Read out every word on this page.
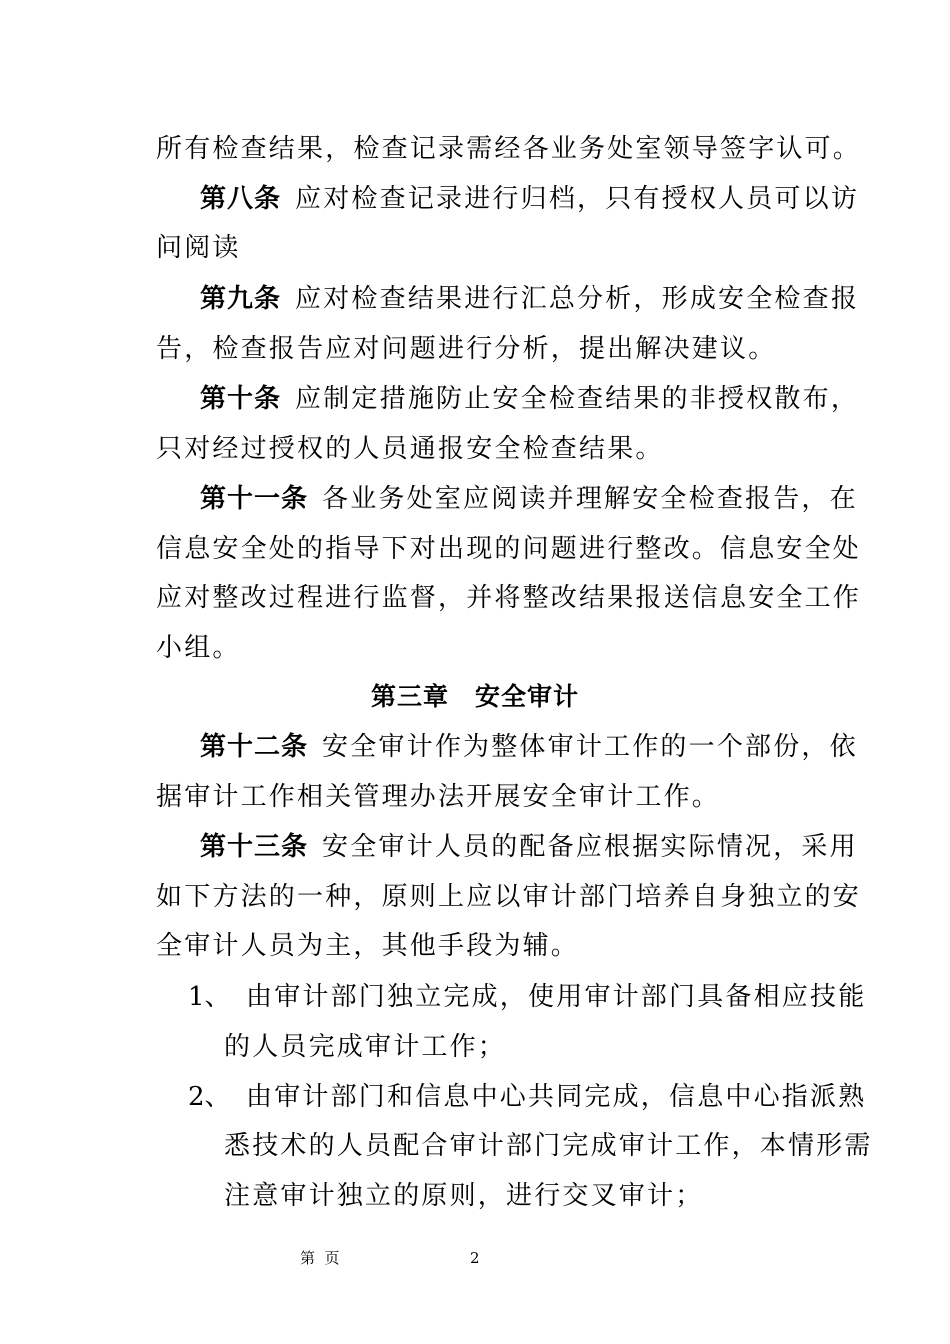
所有检查结果，检查记录需经各业务处室领导签字认可。
第八条 应对检查记录进行归档，只有授权人员可以访
问阅读
第九条 应对检查结果进行汇总分析，形成安全检查报
告，检查报告应对问题进行分析，提出解决建议。
第十条 应制定措施防止安全检查结果的非授权散布，
只对经过授权的人员通报安全检查结果。
第十一条 各业务处室应阅读并理解安全检查报告，在
信息安全处的指导下对出现的问题进行整改。信息安全处
应对整改过程进行监督，并将整改结果报送信息安全工作
小组。
第三章 安全审计
第十二条 安全审计作为整体审计工作的一个部份，依
据审计工作相关管理办法开展安全审计工作。
第十三条 安全审计人员的配备应根据实际情况，采用
如下方法的一种，原则上应以审计部门培养自身独立的安
全审计人员为主，其他手段为辅。
1、 由审计部门独立完成，使用审计部门具备相应技能
的人员完成审计工作；
2、 由审计部门和信息中心共同完成，信息中心指派熟
悉技术的人员配合审计部门完成审计工作，本情形需
注意审计独立的原则，进行交叉审计；
第  页	2
